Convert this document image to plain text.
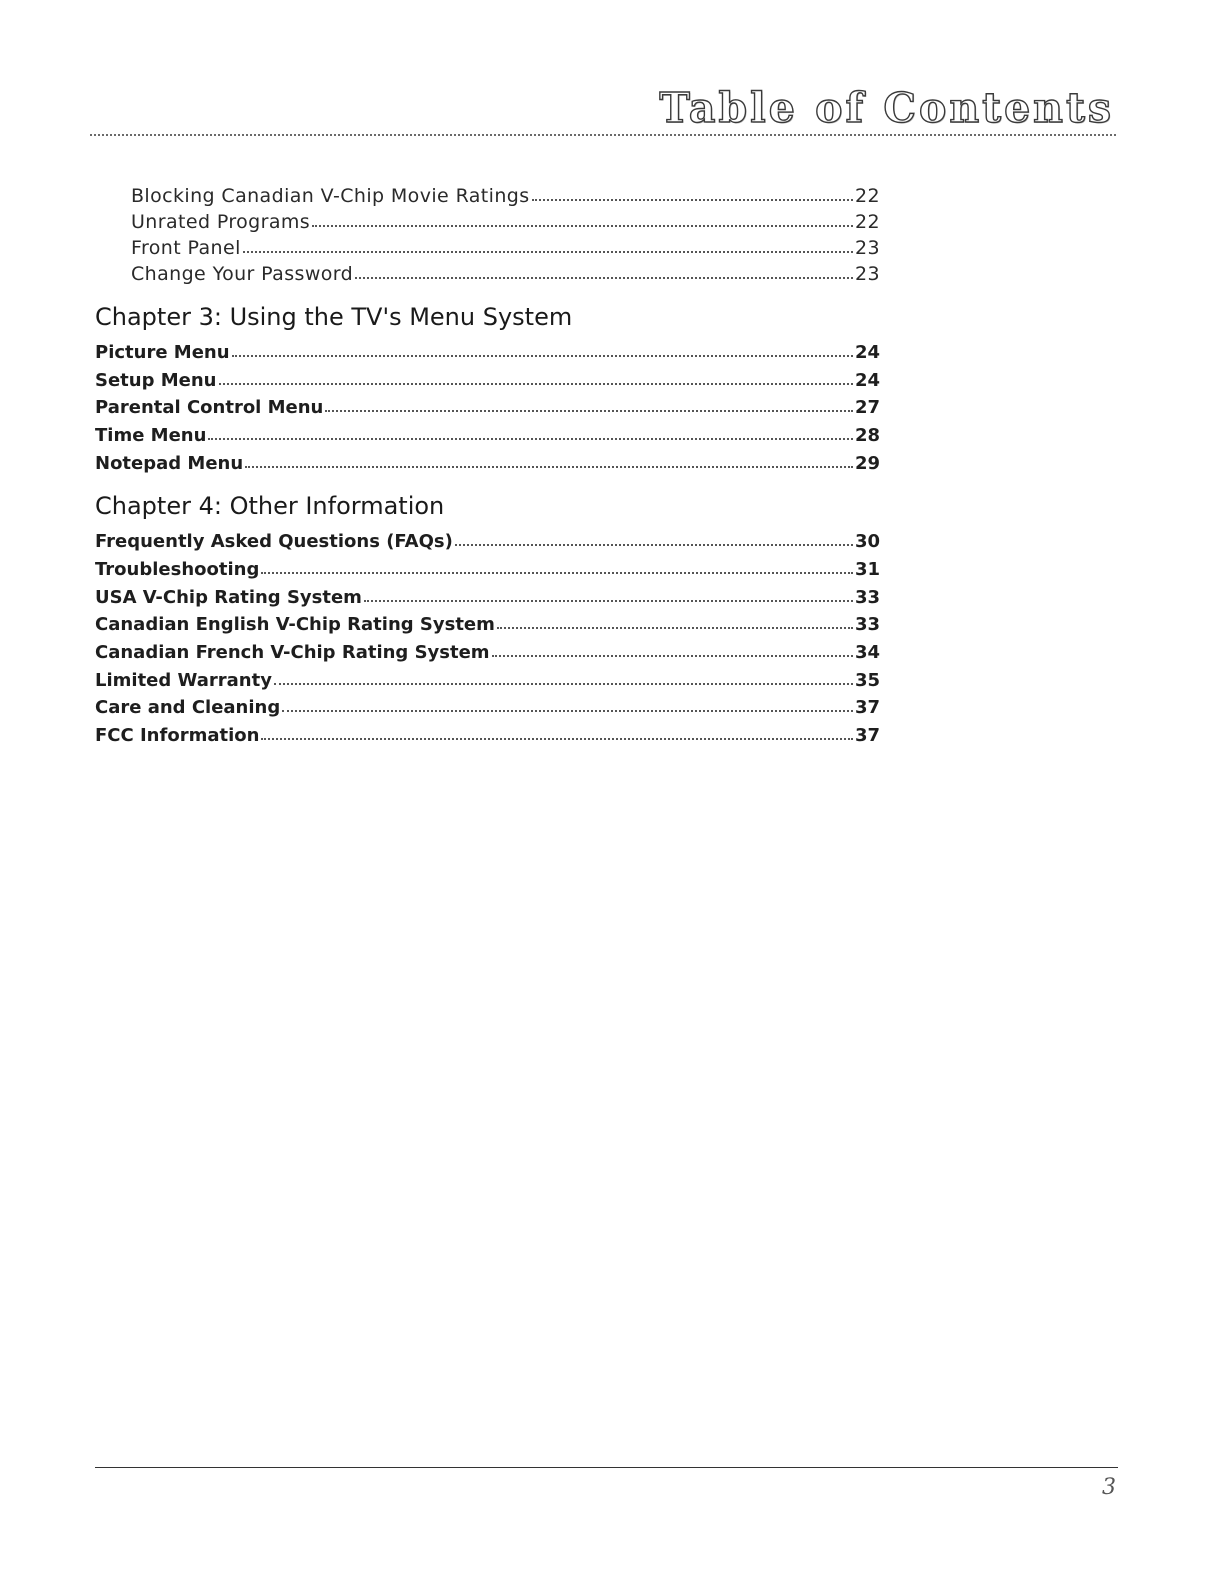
Table of Contents
Blocking Canadian V-Chip Movie Ratings	22
Unrated Programs	22
Front Panel	23
Change Your Password	23
Chapter 3: Using the TV's Menu System
Picture Menu	24
Setup Menu	24
Parental Control Menu	27
Time Menu	28
Notepad Menu	29
Chapter 4: Other Information
Frequently Asked Questions (FAQs)	30
Troubleshooting	31
USA V-Chip Rating System	33
Canadian English V-Chip Rating System	33
Canadian French V-Chip Rating System	34
Limited Warranty	35
Care and Cleaning	37
FCC Information	37
3
